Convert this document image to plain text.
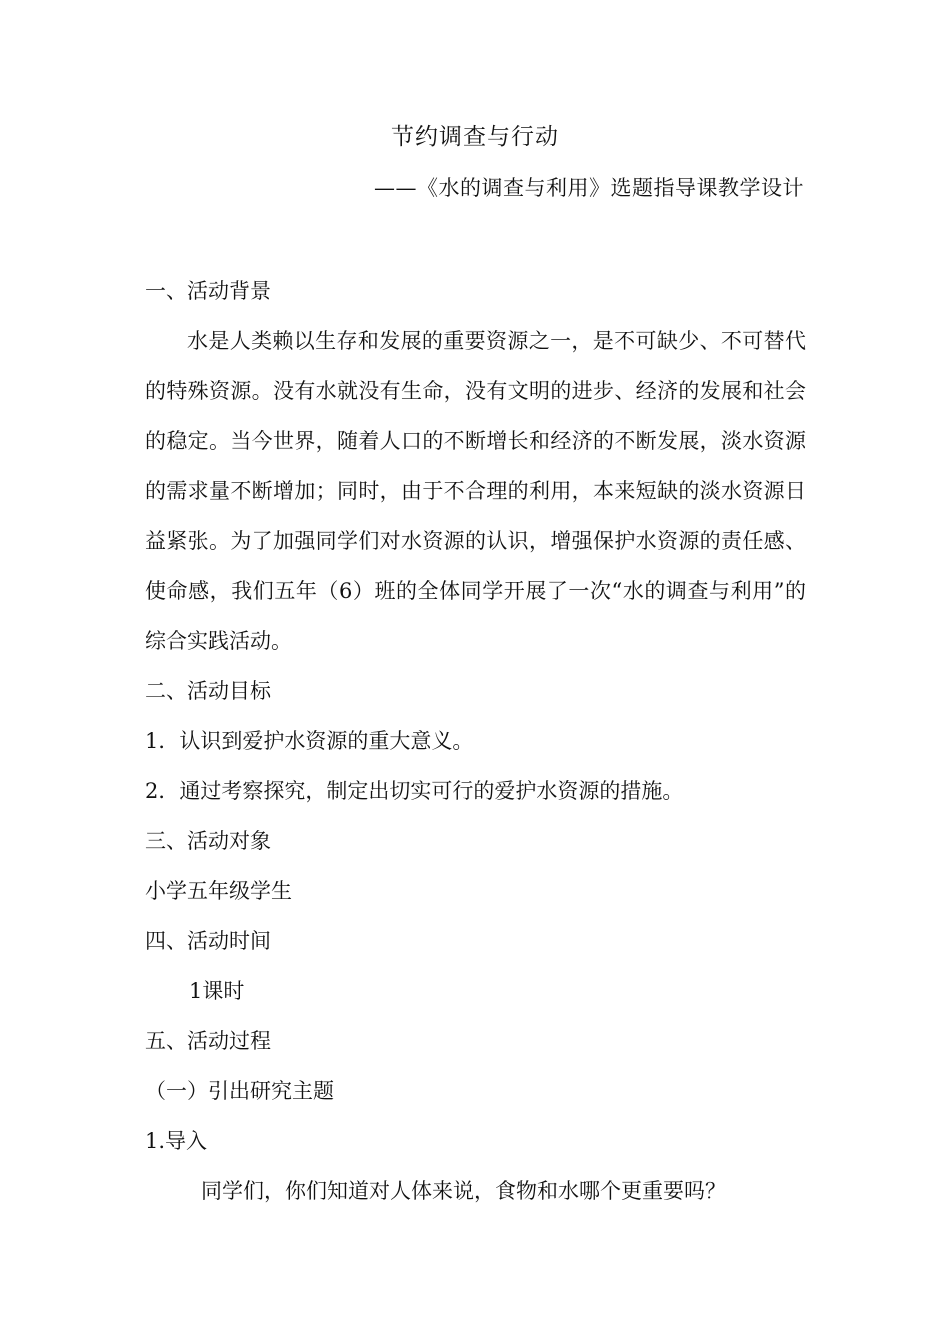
节约调查与行动
——《水的调查与利用》选题指导课教学设计

一、活动背景

水是人类赖以生存和发展的重要资源之一，是不可缺少、不可替代的特殊资源。没有水就没有生命，没有文明的进步、经济的发展和社会的稳定。当今世界，随着人口的不断增长和经济的不断发展，淡水资源的需求量不断增加；同时，由于不合理的利用，本来短缺的淡水资源日益紧张。为了加强同学们对水资源的认识，增强保护水资源的责任感、使命感，我们五年（6）班的全体同学开展了一次“水的调查与利用”的综合实践活动。

二、活动目标

1．认识到爱护水资源的重大意义。

2．通过考察探究，制定出切实可行的爱护水资源的措施。

三、活动对象

小学五年级学生

四、活动时间

1课时

五、活动过程

（一）引出研究主题

1.导入

同学们，你们知道对人体来说，食物和水哪个更重要吗？
